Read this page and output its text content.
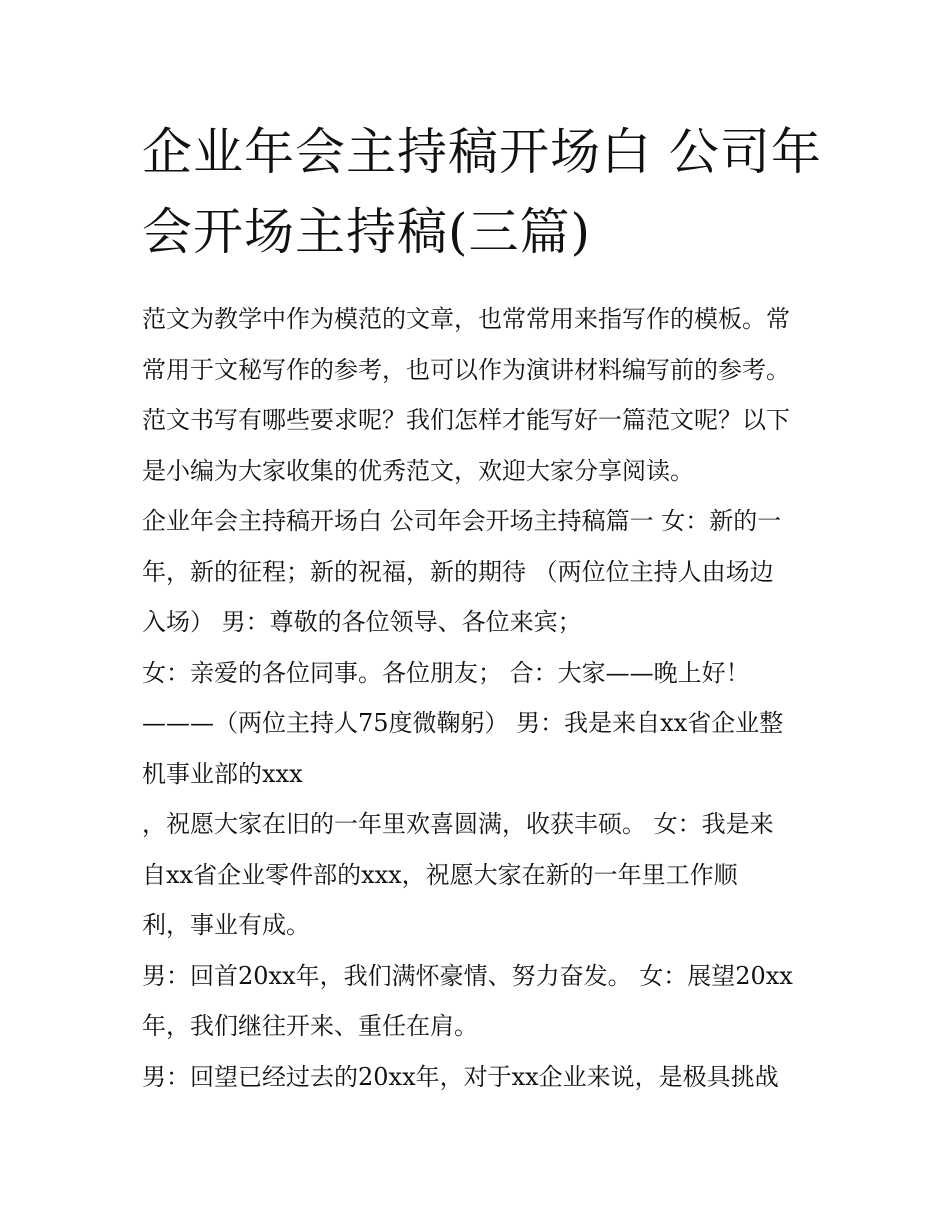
企业年会主持稿开场白 公司年
会开场主持稿(三篇)
范文为教学中作为模范的文章，也常常用来指写作的模板。常
常用于文秘写作的参考，也可以作为演讲材料编写前的参考。
范文书写有哪些要求呢？我们怎样才能写好一篇范文呢？以下
是小编为大家收集的优秀范文，欢迎大家分享阅读。
企业年会主持稿开场白 公司年会开场主持稿篇一 女：新的一
年，新的征程；新的祝福，新的期待 （两位位主持人由场边
入场） 男：尊敬的各位领导、各位来宾；
女：亲爱的各位同事。各位朋友； 合：大家——晚上好！
———（两位主持人75度微鞠躬） 男：我是来自xx省企业整
机事业部的xxx
，祝愿大家在旧的一年里欢喜圆满，收获丰硕。 女：我是来
自xx省企业零件部的xxx，祝愿大家在新的一年里工作顺
利，事业有成。
男：回首20xx年，我们满怀豪情、努力奋发。 女：展望20xx
年，我们继往开来、重任在肩。
男：回望已经过去的20xx年，对于xx企业来说，是极具挑战
